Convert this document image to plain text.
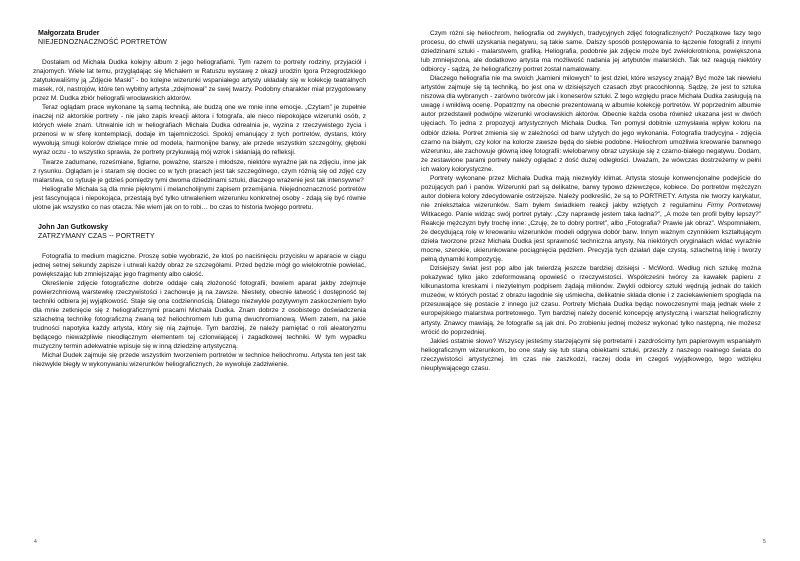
Małgorzata Bruder
NIEJEDNOZNACZNOŚĆ PORTRETÓW

Dostałam od Michała Dudka kolejny album z jego heliografiami. Tym razem to portrety rodziny, przyjaciół i znajomych. Wiele lat temu, przyglądając się Michałem w Ratuszu wystawę z okazji urodzin Igora Przegrodzkiego zatytułowaliśmy ją „Zdjęcie Maski” - bo kolejne wizerunki wspaniałego artysty układały się w kolekcję teatralnych masek, ról, nastrojów, które ten wybitny artysta „zdejmował” ze swej twarzy. Podobny charakter miał przygotowany przez M. Dudka zbiór heliografii wrocławskich aktorów.

Teraz oglądam prace wykonane tą samą techniką, ale budzą one we mnie inne emocje. „Czytam” je zupełnie inaczej niż aktorskie portrety - nie jako zapis kreacji aktora i fotografa, ale nieco niepokojące wizerunki osób, z których wiele znam. Utrwalnie ich w heliografiach Michała Dudka odrealnia je, wyzina z rzeczywistego życia i przenosi w w sferę kontemplacji, dodaje im tajemniczości. Spokój emanujący z tych portretów, dystans, który wywołują smugi kolorów dzielące mnie od modela, harmonijne barwy, ale przede wszystkim szczególny, głęboki wyraz oczu - to wszystko sprawia, że portrety przykuwają mój wzrok i skłaniają do refleksji.

Twarze zadumane, roześmiane, figlarne, poważne, starsze i młodsze, niektóre wyraźne jak na zdjęciu, inne jak z rysunku. Oglądam je i staram się dociec co w tych pracach jest tak szczególnego, czym różnią się od zdjęć czy malarstwa, co sytuuje je gdzieś pomiędzy tymi dwoma dziedzinami sztuki, dlaczego wrażenie jest tak intensywne?

Heliografie Michała są dla mnie pięknymi i melancholijnymi zapisem przemijania. Niejednoznaczność portretów jest fascynująca i niepokojąca, przestają być tylko utrwaleniem wizerunku konkretnej osoby - zdają się być równie ulotne jak wszystko co nas otacza. Nie wiem jak on to robi… bo czas to historia twojego portretu.

John Jan Gutkowsky
ZATRZYMANY CZAS -- PORTRETY

Fotografia to medium magiczne. Proszę sobie wyobrazić, że ktoś po naciśnięciu przycisku w aparacie w ciągu jednej setnej sekundy zapisze i utrwali każdy obraz ze szczegółami. Przed będzie mógł go wielokrotnie powielać, powiększając lub zmniejszając jego fragmenty albo całość.

Określenie zdjęcie fotograficzne dobrze oddaje całą złożoność fotografii, bowiem aparat jakby zdejmuje powierzchniową warstewkę rzeczywistości i zachowuje ją na zawsze. Niestety, obecnie łatwość i dostępność tej techniki odbiera jej wyjątkowość. Staje się ona codziennością. Dlatego niezwykle pozytywnym zaskoczeniem było dla mnie zetknięcie się z heliograficznymi pracami Michała Dudka. Znam dobrze z osobistego doświadczenia szlachetną technikę fotograficzną zwaną też heliochromem lub gumą dwuchromianową. Wiem zatem, na jakie trudności napotyka każdy artysta, który się nią zajmuje. Tym bardziej, że należy pamiętać o roli aleatoryzmu będącego nieważpliwie nieodłącznym elementem tej czlonwiającej i zagadkowej techniki. W tym wypadku muzyczny termin adekwatnie wpisuje się w inną dziedzinę artystyczną.

Michał Dudek zajmuje się przede wszystkim tworzeniem portretów w technice heliochromu. Artysta ten jest tak niezwykle biegły w wykonywaniu wizerunków heliograficznych, że wywołuje zadziwienie.

4

Czym różni się heliochrom, heliografia od zwykłych, tradycyjnych zdjęć fotograficznych? Początkowe fazy tego procesu, do chwili uzyskania negatywu, są takie same. Dalszy sposób postępowania to łączenie fotografii z innymi dziedzinami sztuki - malarstwem, grafiką. Heliografia, podobnie jak zdjęcie może być zwielokrotniona, powiększona lub zmniejszona, ale dodatkowo artysta ma możliwość nadania jej artybutów malarskich. Tak też reagują niektóry odbiorcy - sądzą, że heliograficzny portret został namalowany.

Dlaczego heliografia nie ma swoich „kamieni milowych” to jest dziel, które wszyscy znają? Być może tak niewielu artystów zajmuje się tą techniką, bo jest ona w dzisiejszych czasach zbyt pracochłonną. Sądzę, że jest to sztuka niszowa dla wybranych - zarówno twórców jak i koneserów sztuki. Z tego względu prace Michała Dudka zasługują na uwagę i wnikliwą ocenę. Popatrzmy na obecnie prezentowaną w albumie kolekcję portretów. W poprzednim albumie autor przedstawił podwójne wizerunki wrocławskich aktorów. Obecnie każda osoba również ukazana jest w dwóch ujęciach. To jedna z propozycji artystycznych Michała Dudka. Ten pomysł dobitnie uzmysławia wpływ koloru na odbiór dzieła. Portret zmienia się w zależności od barw użytych do jego wykonania. Fotografia tradycyjna - zdjęcia czarno na białym, czy kolor na kolorze zawsze będą do siebie podobne. Heliochrom umożliwia kreowanie barwnego wizerunku, ale zachowuje główną ideę fotografii: wielobarwny obraz uzyskuje się z czarno-białego negatywu. Dodam, że zestawione parami portrety należy oglądać z dość dużej odległości. Uważam, że wówczas dostrzeżemy w pełni ich walory kolorystyczne.

Portrety wykonane przez Michała Dudka mają niezwykły klimat. Artysta stosuje konwencjonalne podejście do pozujących pań i panów. Wizerunki pań są delikatne, barwy typowo dziewczęce, kobiece. Do portretów mężczyzn autor dobiera kolory zdecydowanie ostrzejsze. Należy podkreślić, że są to PORTRETY. Artysta nie tworzy karykatur, nie zniekształca wizerunków. Sam byłem świadkiem reakcji jakby wziętych z regulaminu Firmy Portretowej Witkacego. Panie widząc swój portret pytały: „Czy naprawdę jestem taka ładna?”, „A może ten profil byłby lepszy?” Reakcje mężczyzn były trochę inne: „Czuję, że to dobry portret”, albo „Fotografia? Prawie jak obraz”. Wspomniałem, że decydującą rolę w kreowaniu wizerunków modeli odgrywa dobór barw. Innym ważnym czynnikiem kształtującym dzieła tworzone przez Michała Dudka jest sprawność techniczna artysty. Na niektórych oryginałach widać wyraźnie mocne, szerokie, ukierunkowane pociągnięcia pędzlem. Precyzja tych działań daje czystą, szlachetną linię i tworzy pełną dynamiki kompozycję.

Dzisiejszy świat jest pop albo jak twierdzą jeszcze bardziej dzisiejsi - McWord. Według nich sztukę można pokazywać tylko jako zdeformowaną opowieść o rzeczywistości. Współcześni twórcy za kawałek papieru z kilkunastoma kreskami i niezytelnym podpisem żądają milionów. Zwykli odbiorcy sztuki wędrują jednak do takich muzeów, w których postać z obrazu łagodnie się uśmiecha, delikatnie składa dłonie i z zaciekawieniem spogląda na przesuwające się postacie z innego już czasu. Portrety Michała Dudka będąc nowoczesnymi mają jednak wiele z europejskiego malarstwa portretowego. Tym bardziej należy docenić koncepcję artystyczną i warsztat heliograficzny artysty. Znawcy mawiają, że fotografie są jak dni. Po zrobieniu jednej możesz wykonać tylko następną, nie możesz wrócić do poprzedniej.

Jakieś ostatnie słowo? Wszyscy jesteśmy starzejącymi się portretami i zazdrościmy tym papierowym wspaniałym heliograficznym wizerunkom, bo one stały się tub staną obiektami sztuki, przeszły z naszego realnego świata do rzeczywistości artystycznej. Im czas nie zaszkodzi, raczej doda im czegoś wyjątkowego, tego wdzięku nieupływającego czasu.

5
